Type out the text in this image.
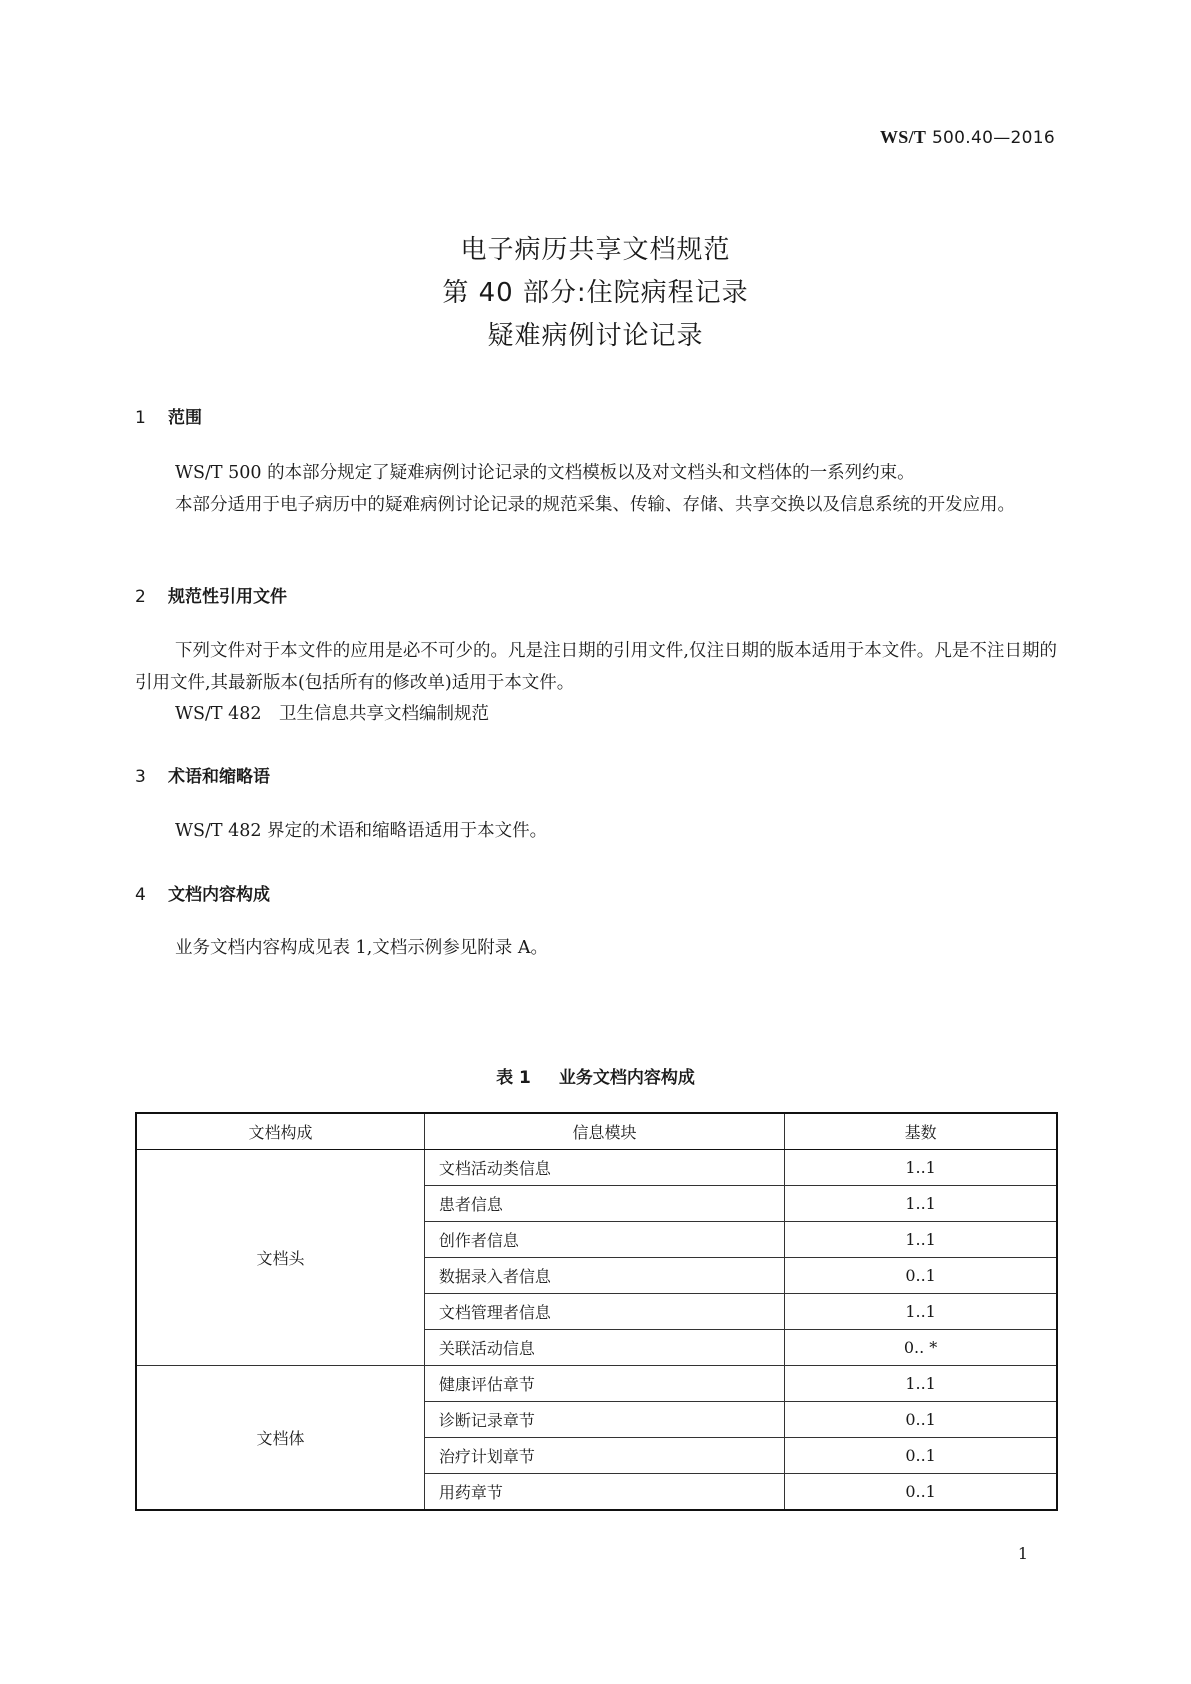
WS/T 500.40—2016
电子病历共享文档规范
第 40 部分:住院病程记录
疑难病例讨论记录
1 范围
WS/T 500 的本部分规定了疑难病例讨论记录的文档模板以及对文档头和文档体的一系列约束。
本部分适用于电子病历中的疑难病例讨论记录的规范采集、传输、存储、共享交换以及信息系统的开发应用。
2 规范性引用文件
下列文件对于本文件的应用是必不可少的。凡是注日期的引用文件,仅注日期的版本适用于本文件。凡是不注日期的引用文件,其最新版本(包括所有的修改单)适用于本文件。
WS/T 482　卫生信息共享文档编制规范
3 术语和缩略语
WS/T 482 界定的术语和缩略语适用于本文件。
4 文档内容构成
业务文档内容构成见表 1,文档示例参见附录 A。
表 1 业务文档内容构成
文档构成	信息模块	基数
文档头	文档活动类信息	1..1
	患者信息	1..1
	创作者信息	1..1
	数据录入者信息	0..1
	文档管理者信息	1..1
	关联活动信息	0.. *
文档体	健康评估章节	1..1
	诊断记录章节	0..1
	治疗计划章节	0..1
	用药章节	0..1
1
